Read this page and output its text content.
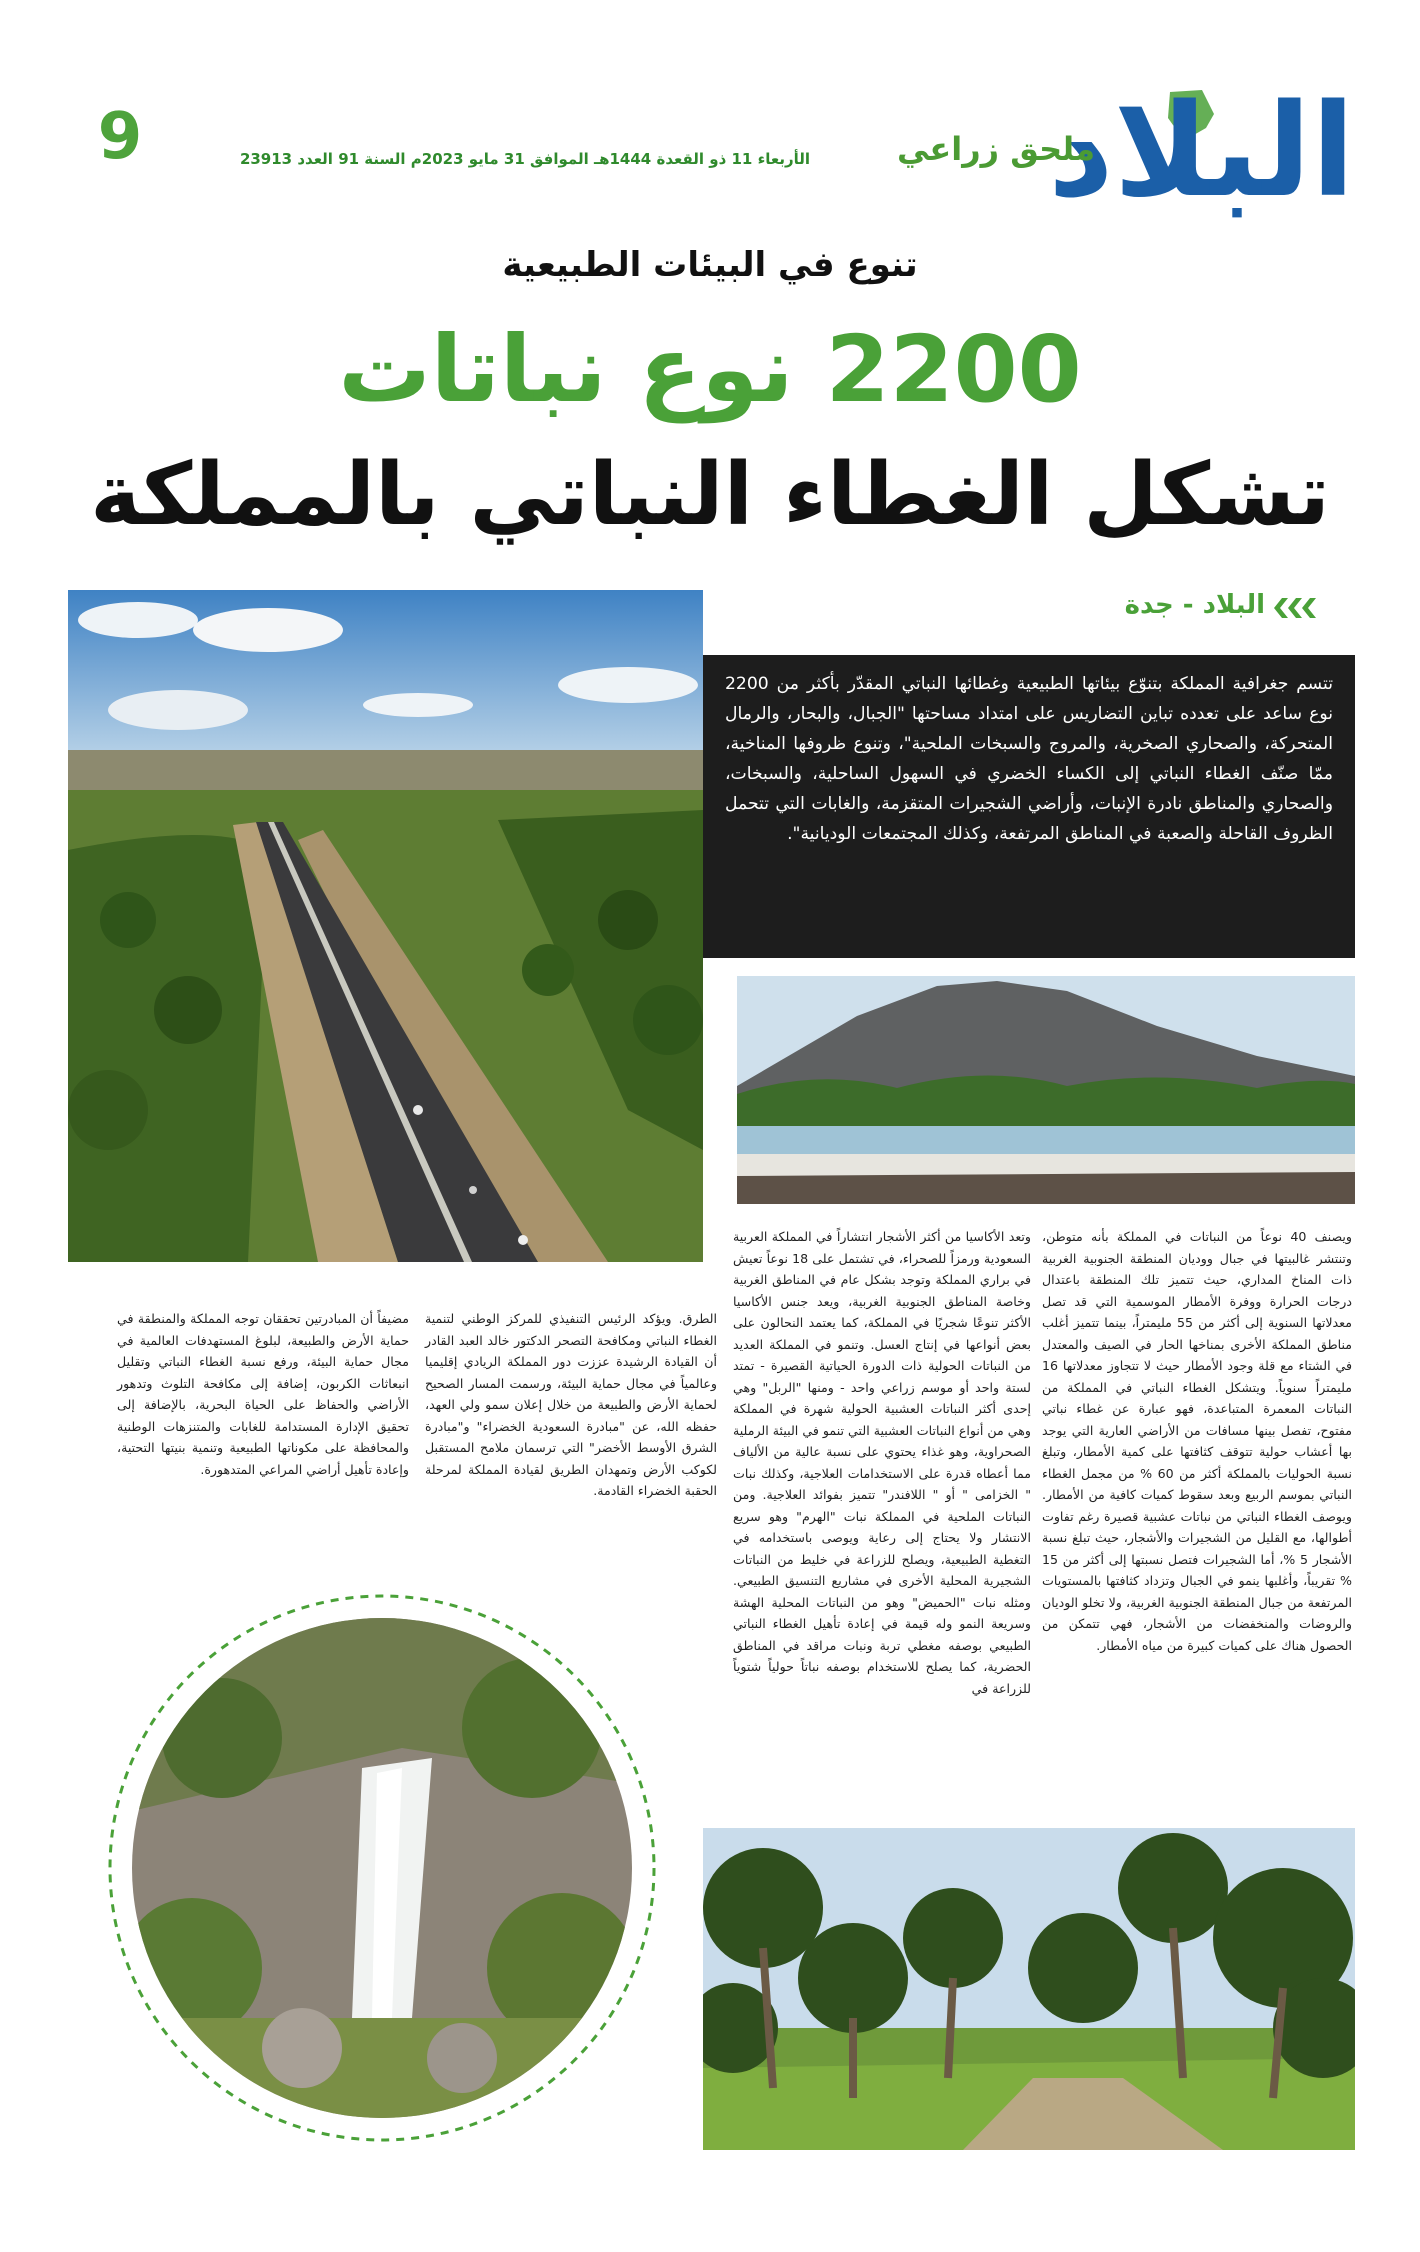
البلاد
ملحق زراعي
الأربعاء 11 ذو القعدة 1444هـ الموافق 31 مايو 2023م السنة 91 العدد 23913
9
تنوع في البيئات الطبيعية
2200 نوع نباتات
تشكل الغطاء النباتي بالمملكة
البلاد - جدة
تتسم جغرافية المملكة بتنوّع بيئاتها الطبيعية وغطائها النباتي المقدّر بأكثر من 2200 نوع ساعد على تعدده تباين التضاريس على امتداد مساحتها "الجبال، والبحار، والرمال المتحركة، والصحاري الصخرية، والمروج والسبخات الملحية"، وتنوع ظروفها المناخية، ممّا صنّف الغطاء النباتي إلى الكساء الخضري في السهول الساحلية، والسبخات، والصحاري والمناطق نادرة الإنبات، وأراضي الشجيرات المتقزمة، والغابات التي تتحمل الظروف القاحلة والصعبة في المناطق المرتفعة، وكذلك المجتمعات الوديانية".
ويصنف 40 نوعاً من النباتات في المملكة بأنه متوطن، وتنتشر غالبيتها في جبال ووديان المنطقة الجنوبية الغربية ذات المناخ المداري، حيث تتميز تلك المنطقة باعتدال درجات الحرارة ووفرة الأمطار الموسمية التي قد تصل معدلاتها السنوية إلى أكثر من 55 مليمتراً، بينما تتميز أغلب مناطق المملكة الأخرى بمناخها الحار في الصيف والمعتدل في الشتاء مع قلة وجود الأمطار حيث لا تتجاوز معدلاتها 16 مليمتراً سنوياً. ويتشكل الغطاء النباتي في المملكة من النباتات المعمرة المتباعدة، فهو عبارة عن غطاء نباتي مفتوح، تفصل بينها مسافات من الأراضي العارية التي يوجد بها أعشاب حولية تتوقف كثافتها على كمية الأمطار، وتبلغ نسبة الحوليات بالمملكة أكثر من 60 % من مجمل الغطاء النباتي بموسم الربيع وبعد سقوط كميات كافية من الأمطار. ويوصف الغطاء النباتي من نباتات عشبية قصيرة رغم تفاوت أطوالها، مع القليل من الشجيرات والأشجار، حيث تبلغ نسبة الأشجار 5 %، أما الشجيرات فتصل نسبتها إلى أكثر من 15 % تقريباً، وأغلبها ينمو في الجبال وتزداد كثافتها بالمستويات المرتفعة من جبال المنطقة الجنوبية الغربية، ولا تخلو الوديان والروضات والمنخفضات من الأشجار، فهي تتمكن من الحصول هناك على كميات كبيرة من مياه الأمطار.
وتعد الأكاسيا من أكثر الأشجار انتشاراً في المملكة العربية السعودية ورمزاً للصحراء، في تشتمل على 18 نوعاً تعيش في براري المملكة وتوجد بشكل عام في المناطق الغربية وخاصة المناطق الجنوبية الغربية، ويعد جنس الأكاسيا الأكثر تنوعًا شجريًا في المملكة، كما يعتمد النحالون على بعض أنواعها في إنتاج العسل. وتنمو في المملكة العديد من النباتات الحولية ذات الدورة الحياتية القصيرة - تمتد لستة واحد أو موسم زراعي واحد - ومنها "الربل" وهي إحدى أكثر النباتات العشبية الحولية شهرة في المملكة وهي من أنواع النباتات العشبية التي تنمو في البيئة الرملية الصحراوية، وهو غذاء يحتوي على نسبة عالية من الألياف مما أعطاه قدرة على الاستخدامات العلاجية، وكذلك نبات " الخزامى " أو " اللافندر" تتميز بفوائد العلاجية. ومن النباتات الملحية في المملكة نبات "الهرم" وهو سريع الانتشار ولا يحتاج إلى رعاية ويوصى باستخدامه في التغطية الطبيعية، ويصلح للزراعة في خليط من النباتات الشجيرية المحلية الأخرى في مشاريع التنسيق الطبيعي. ومثله نبات "الحميض" وهو من النباتات المحلية الهشة وسريعة النمو وله قيمة في إعادة تأهيل الغطاء النباتي الطبيعي بوصفه مغطي تربة ونبات مراقد في المناطق الحضرية، كما يصلح للاستخدام بوصفه نباتاً حولياً شتوياً للزراعة في
الطرق. ويؤكد الرئيس التنفيذي للمركز الوطني لتنمية الغطاء النباتي ومكافحة التصحر الدكتور خالد العبد القادر أن القيادة الرشيدة عززت دور المملكة الريادي إقليميا وعالمياً في مجال حماية البيئة، ورسمت المسار الصحيح لحماية الأرض والطبيعة من خلال إعلان سمو ولي العهد، حفظه الله، عن "مبادرة السعودية الخضراء" و"مبادرة الشرق الأوسط الأخضر" التي ترسمان ملامح المستقبل لكوكب الأرض وتمهدان الطريق لقيادة المملكة لمرحلة الحقبة الخضراء القادمة.
مضيفاً أن المبادرتين تحققان توجه المملكة والمنطقة في حماية الأرض والطبيعة، لبلوغ المستهدفات العالمية في مجال حماية البيئة، ورفع نسبة الغطاء النباتي وتقليل انبعاثات الكربون، إضافة إلى مكافحة التلوث وتدهور الأراضي والحفاظ على الحياة البحرية، بالإضافة إلى تحقيق الإدارة المستدامة للغابات والمتنزهات الوطنية والمحافظة على مكوناتها الطبيعية وتنمية بنيتها التحتية، وإعادة تأهيل أراضي المراعي المتدهورة.
